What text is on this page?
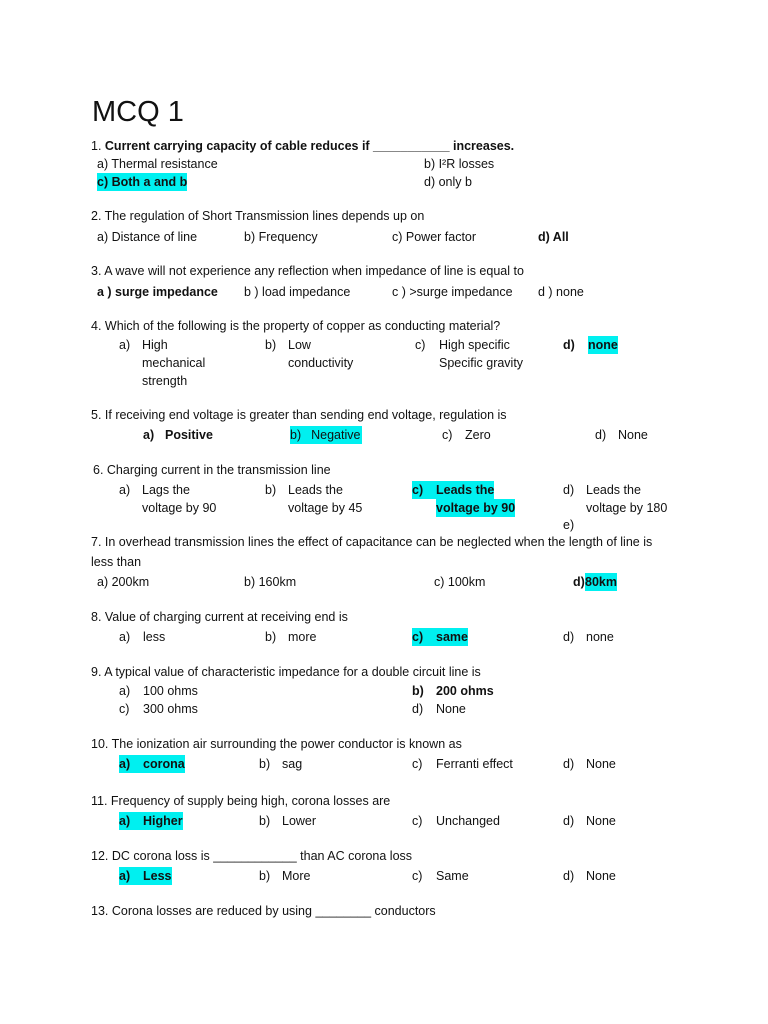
MCQ 1
1. Current carrying capacity of cable reduces if ___________ increases.
a) Thermal resistance	b) I²R losses
c) Both a and b	d) only b
2. The regulation of Short Transmission lines depends up on
a) Distance of line	b) Frequency	c) Power factor	d) All
3. A wave will not experience any reflection when impedance of line is equal to
a ) surge impedance b ) load impedance	c ) >surge impedance d ) none
4. Which of the following is the property of copper as conducting material?
a) High
mechanical
strength
b) Low
conductivity
c) High specific
Specific gravity
d) none
5. If receiving end voltage is greater than sending end voltage, regulation is
a) Positive	b) Negative	c) Zero	d) None
6. Charging current in the transmission line
a) Lags the
voltage by 90
b) Leads the
voltage by 45
c)	Leads the
voltage by 90
d) Leads the
voltage by 180
e)
7. In overhead transmission lines the effect of capacitance can be neglected when the length of line is
less than
a) 200km	b) 160km	c) 100km	d) 80km
8. Value of charging current at receiving end is
a) less	b) more	c)	same	d) none
9. A typical value of characteristic impedance for a double circuit line is
a) 100 ohms	b) 200 ohms
c) 300 ohms	d) None
10. The ionization air surrounding the power conductor is known as
a)	corona	b) sag	c) Ferranti effect	d) None
11. Frequency of supply being high, corona losses are
a)	Higher	b) Lower	c) Unchanged	d) None
12. DC corona loss is ____________ than AC corona loss
a)	Less	b) More	c) Same	d) None
13. Corona losses are reduced by using ________ conductors
